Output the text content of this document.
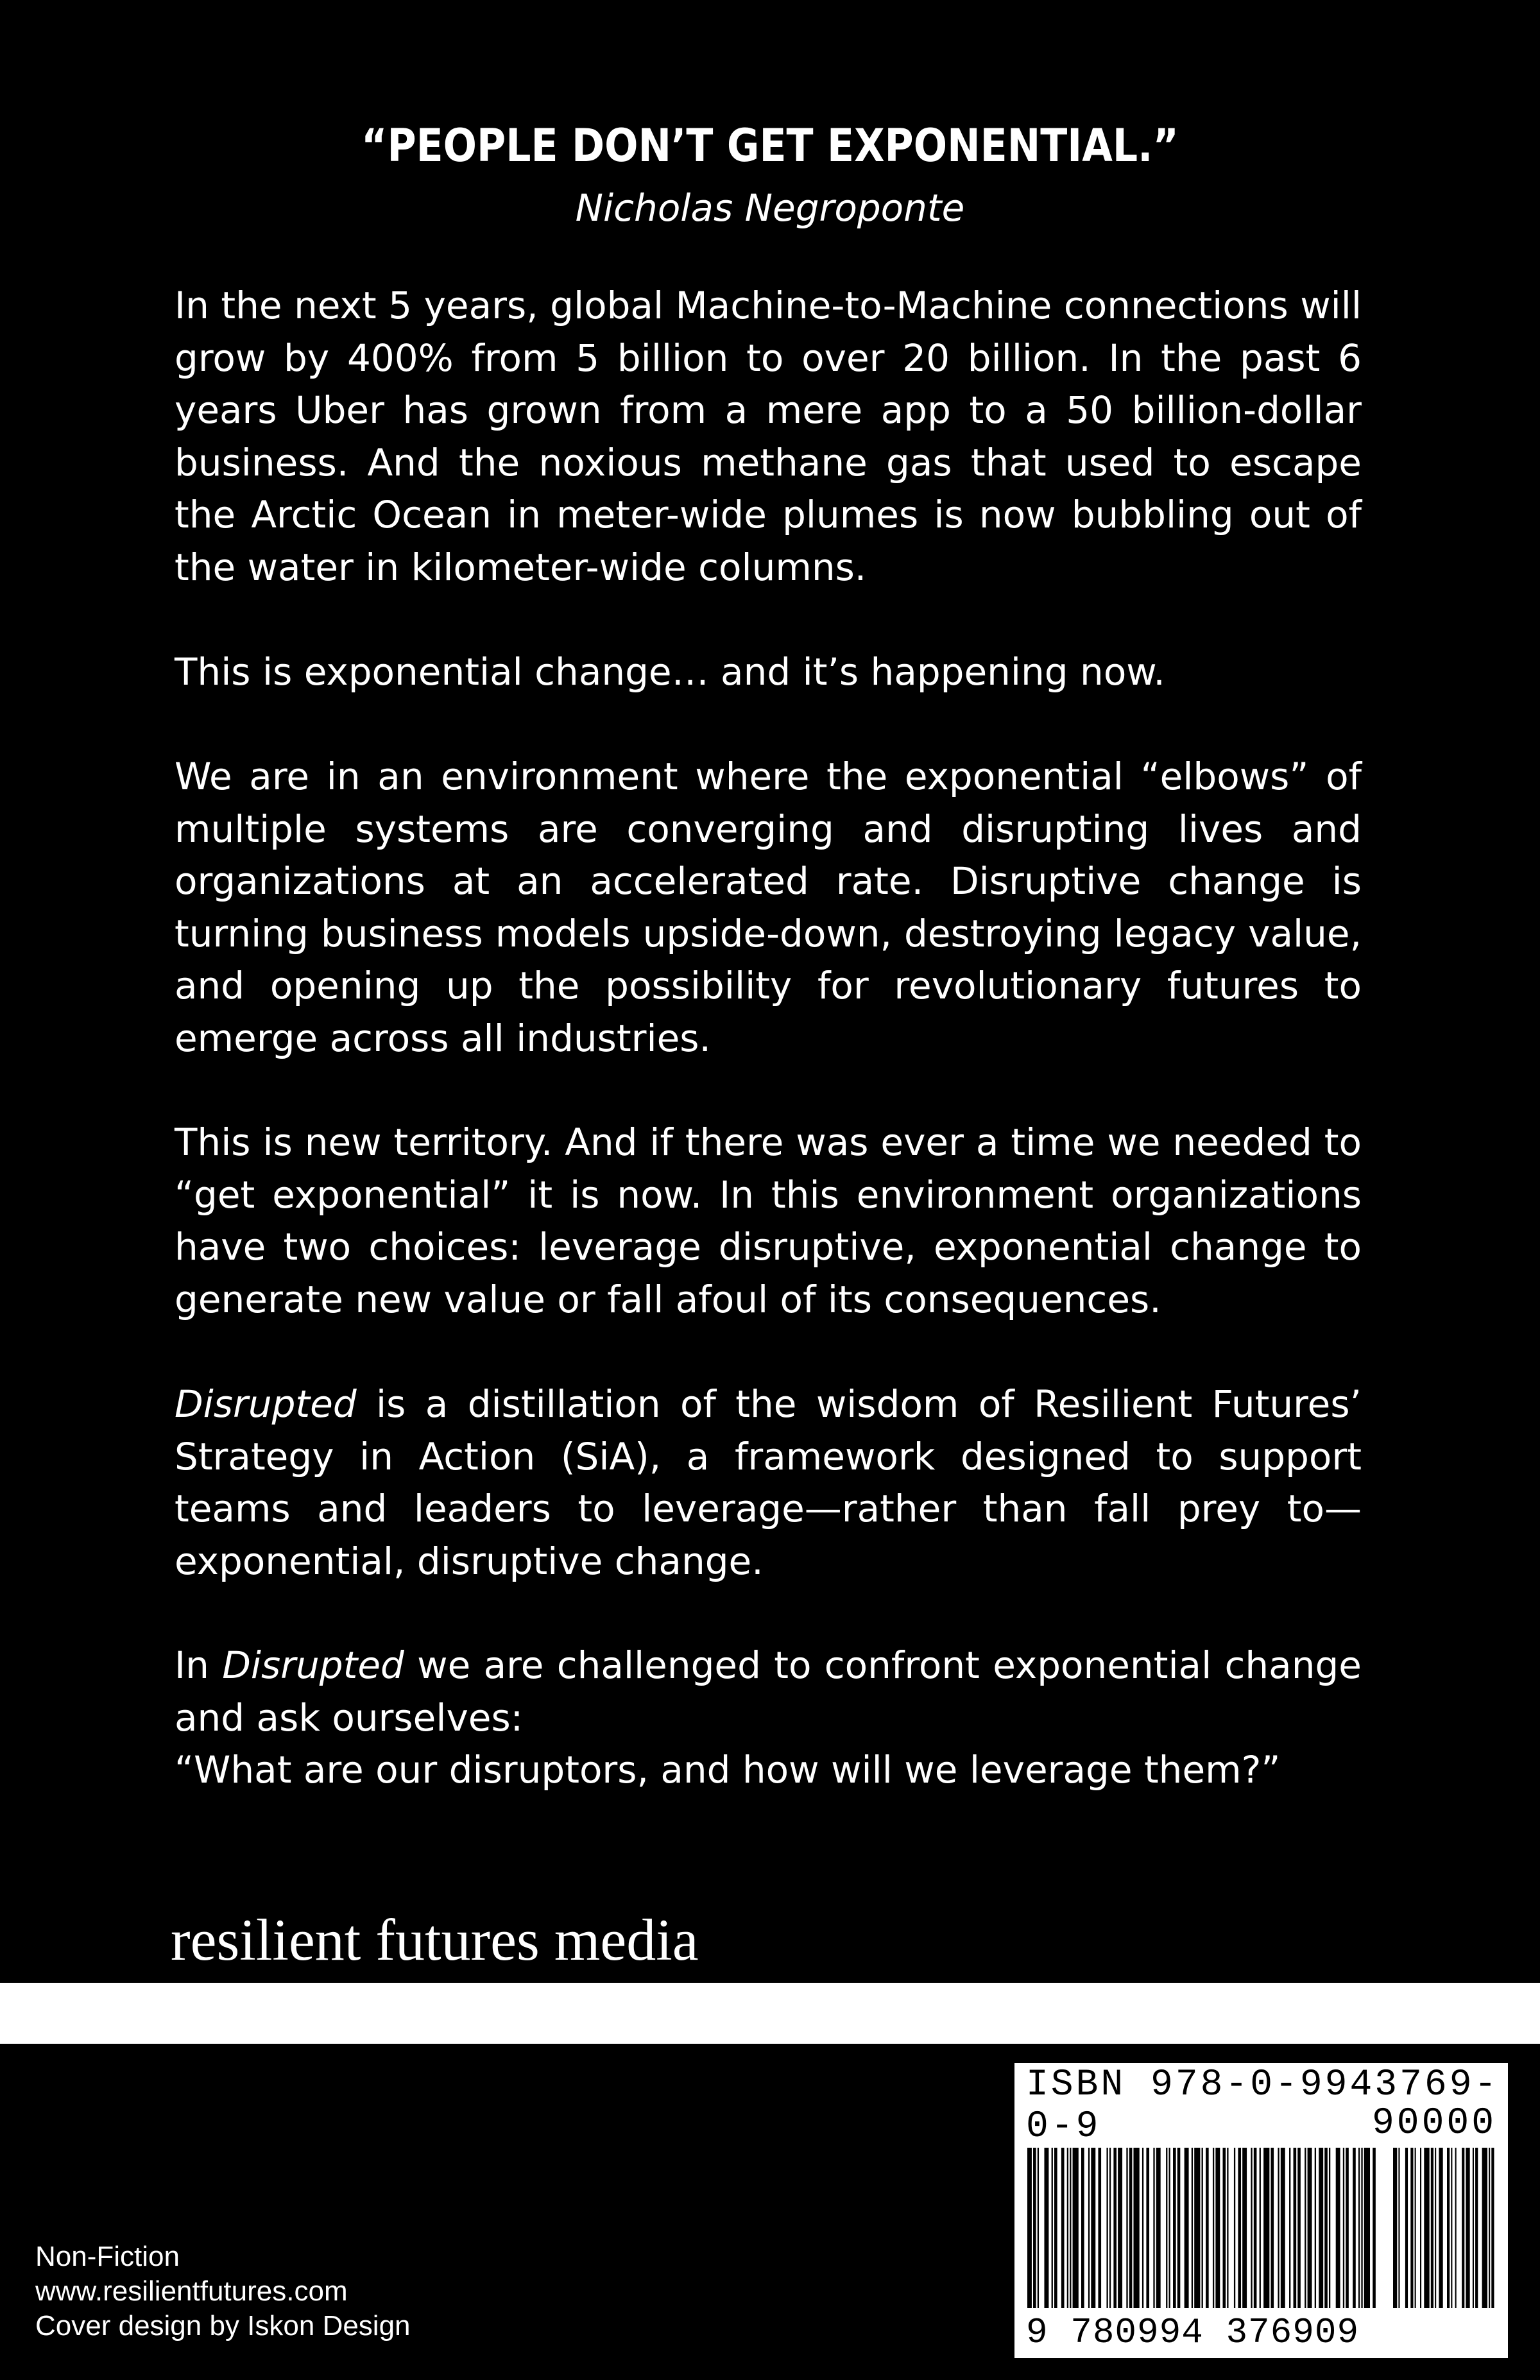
“PEOPLE DON’T GET EXPONENTIAL.”
Nicholas Negroponte

In the next 5 years, global Machine-to-Machine connections will grow by 400% from 5 billion to over 20 billion. In the past 6 years Uber has grown from a mere app to a 50 billion-dollar business. And the noxious methane gas that used to escape the Arctic Ocean in meter-wide plumes is now bubbling out of the water in kilometer-wide columns.

This is exponential change… and it’s happening now.

We are in an environment where the exponential “elbows” of multiple systems are converging and disrupting lives and organizations at an accelerated rate. Disruptive change is turning business models upside-down, destroying legacy value, and opening up the possibility for revolutionary futures to emerge across all industries.

This is new territory. And if there was ever a time we needed to “get exponential” it is now. In this environment organizations have two choices: leverage disruptive, exponential change to generate new value or fall afoul of its consequences.

Disrupted is a distillation of the wisdom of Resilient Futures’ Strategy in Action (SiA), a framework designed to support teams and leaders to leverage—rather than fall prey to— exponential, disruptive change.

In Disrupted we are challenged to confront exponential change and ask ourselves:

“What are our disruptors, and how will we leverage them?”

resilient futures media
Non-Fiction
www.resilientfutures.com
Cover design by Iskon Design
ISBN 978-0-9943769-0-9	90000
9 780994 376909
